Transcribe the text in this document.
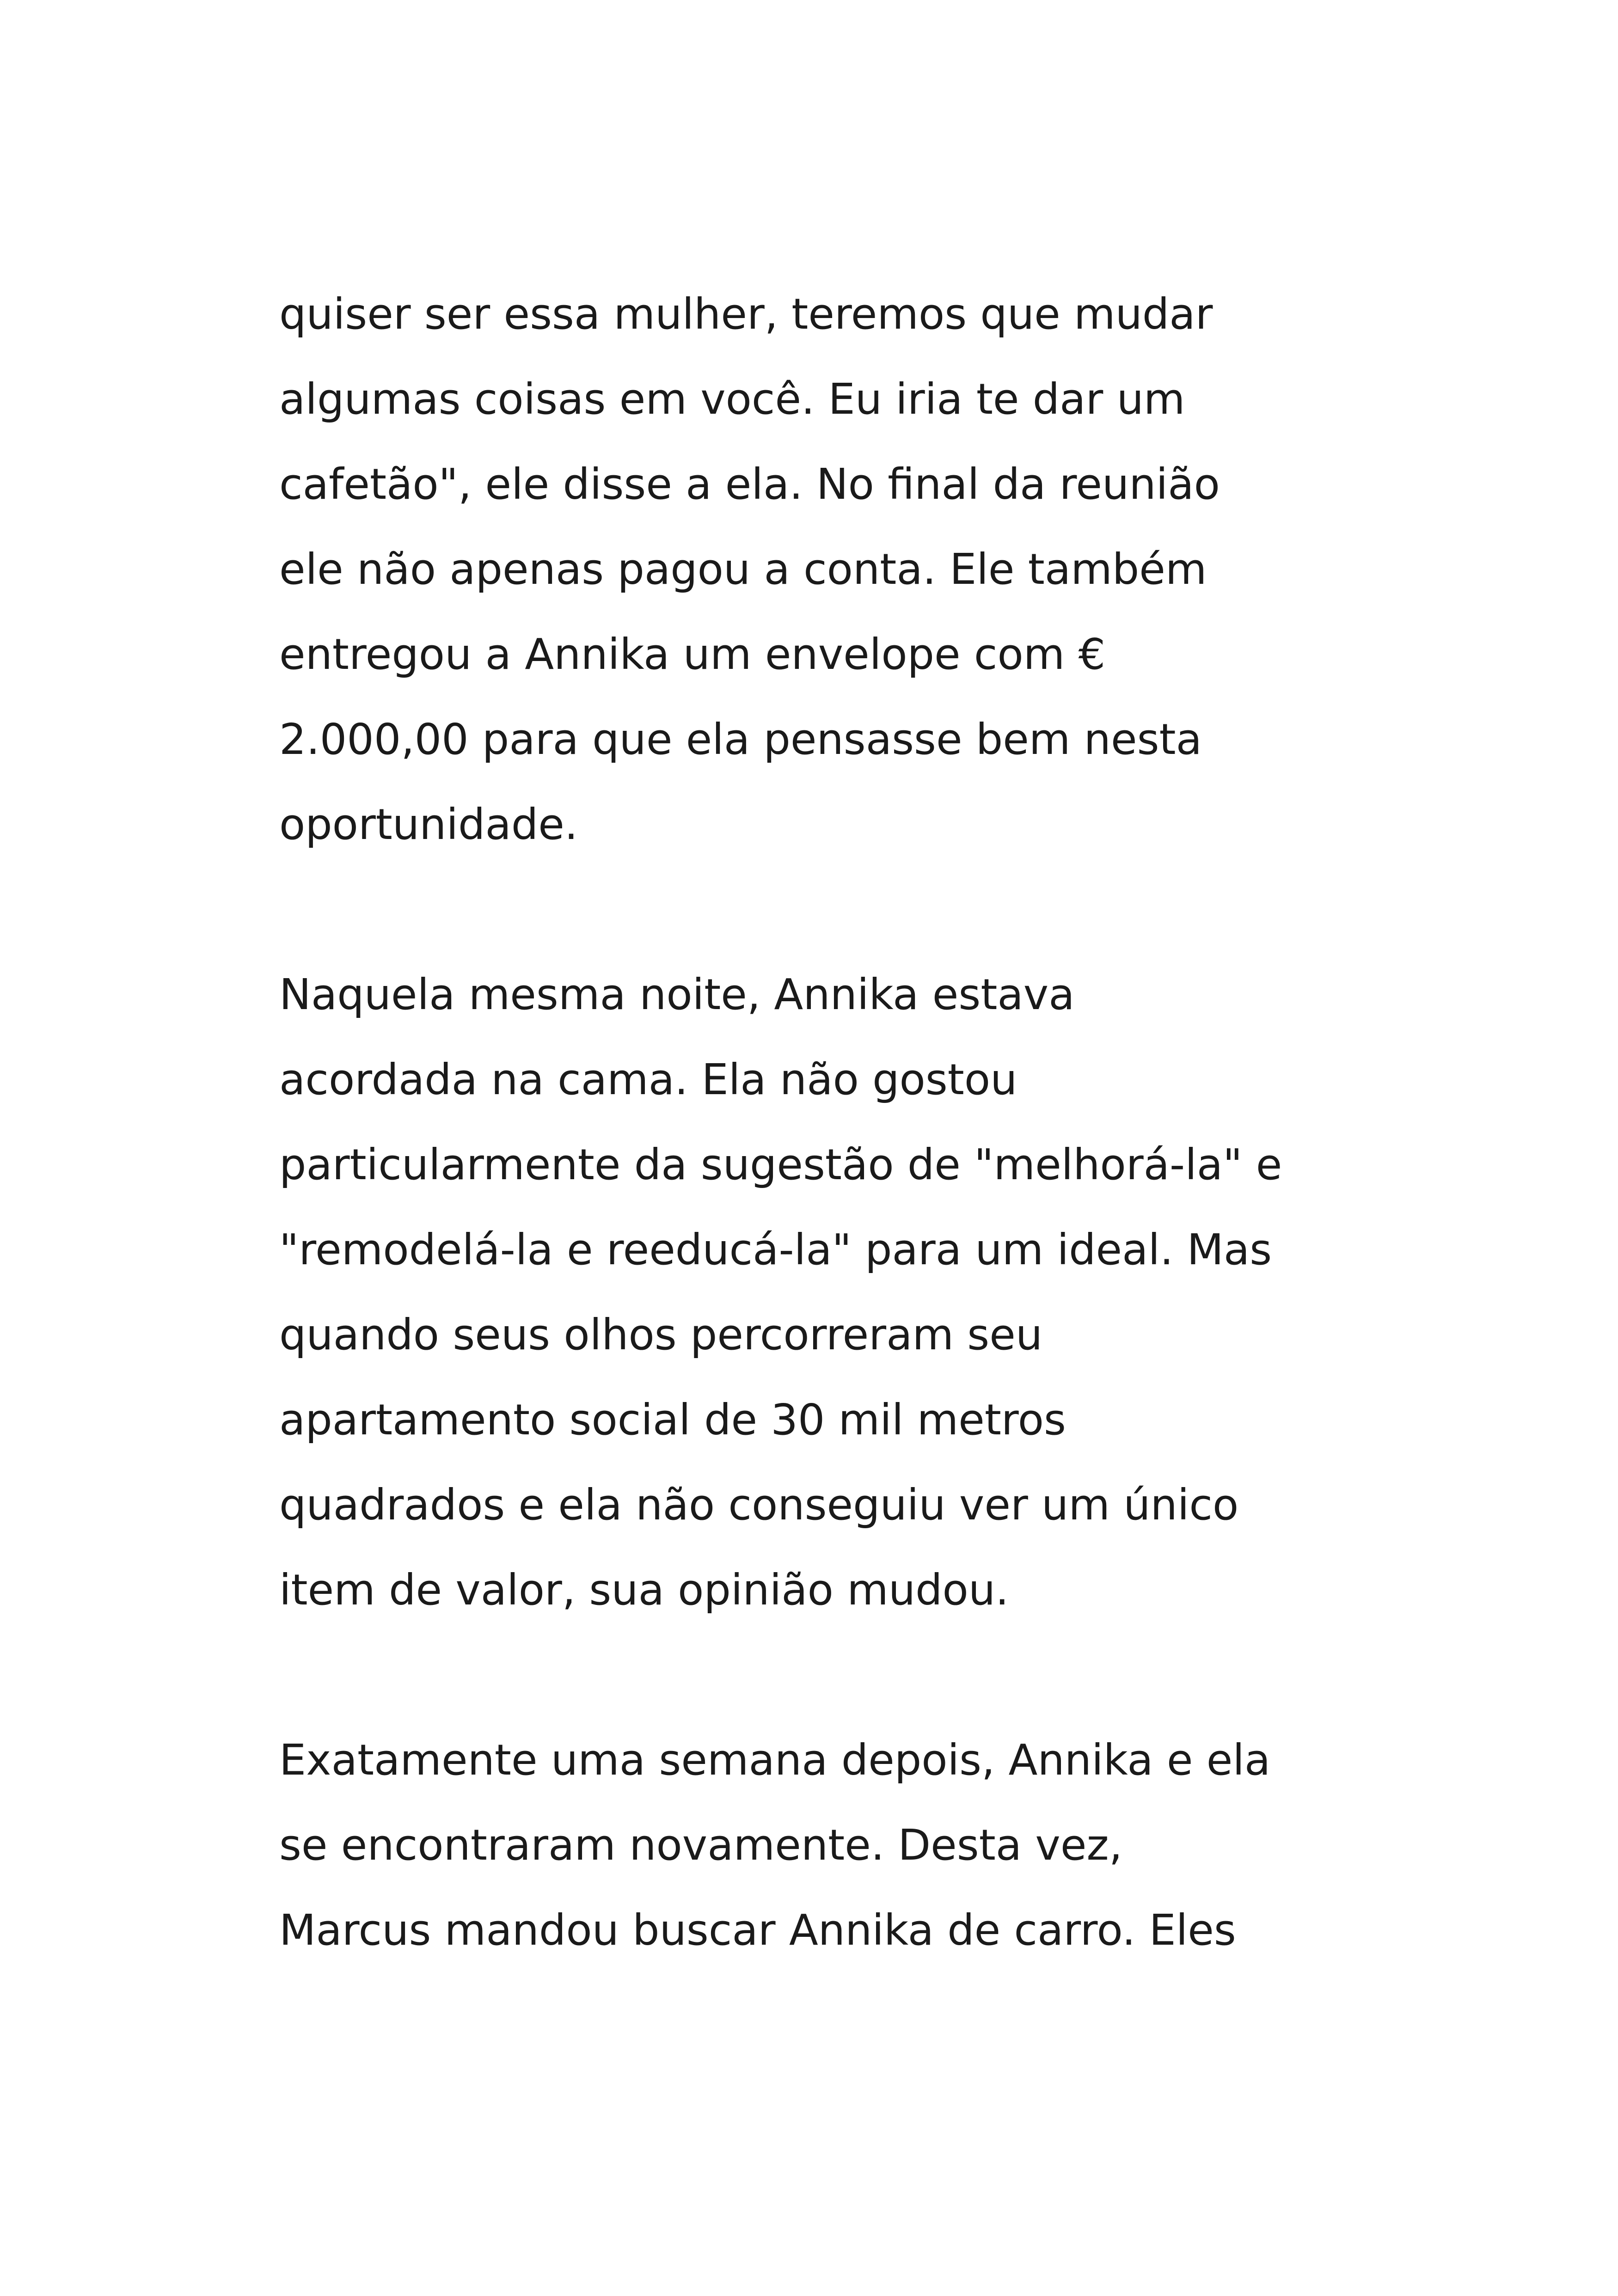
quiser ser essa mulher, teremos que mudar
algumas coisas em você. Eu iria te dar um
cafetão", ele disse a ela. No final da reunião
ele não apenas pagou a conta. Ele também
entregou a Annika um envelope com €
2.000,00 para que ela pensasse bem nesta
oportunidade.

Naquela mesma noite, Annika estava
acordada na cama. Ela não gostou
particularmente da sugestão de "melhorá-la" e
"remodelá-la e reeducá-la" para um ideal. Mas
quando seus olhos percorreram seu
apartamento social de 30 mil metros
quadrados e ela não conseguiu ver um único
item de valor, sua opinião mudou.

Exatamente uma semana depois, Annika e ela
se encontraram novamente. Desta vez,
Marcus mandou buscar Annika de carro. Eles
